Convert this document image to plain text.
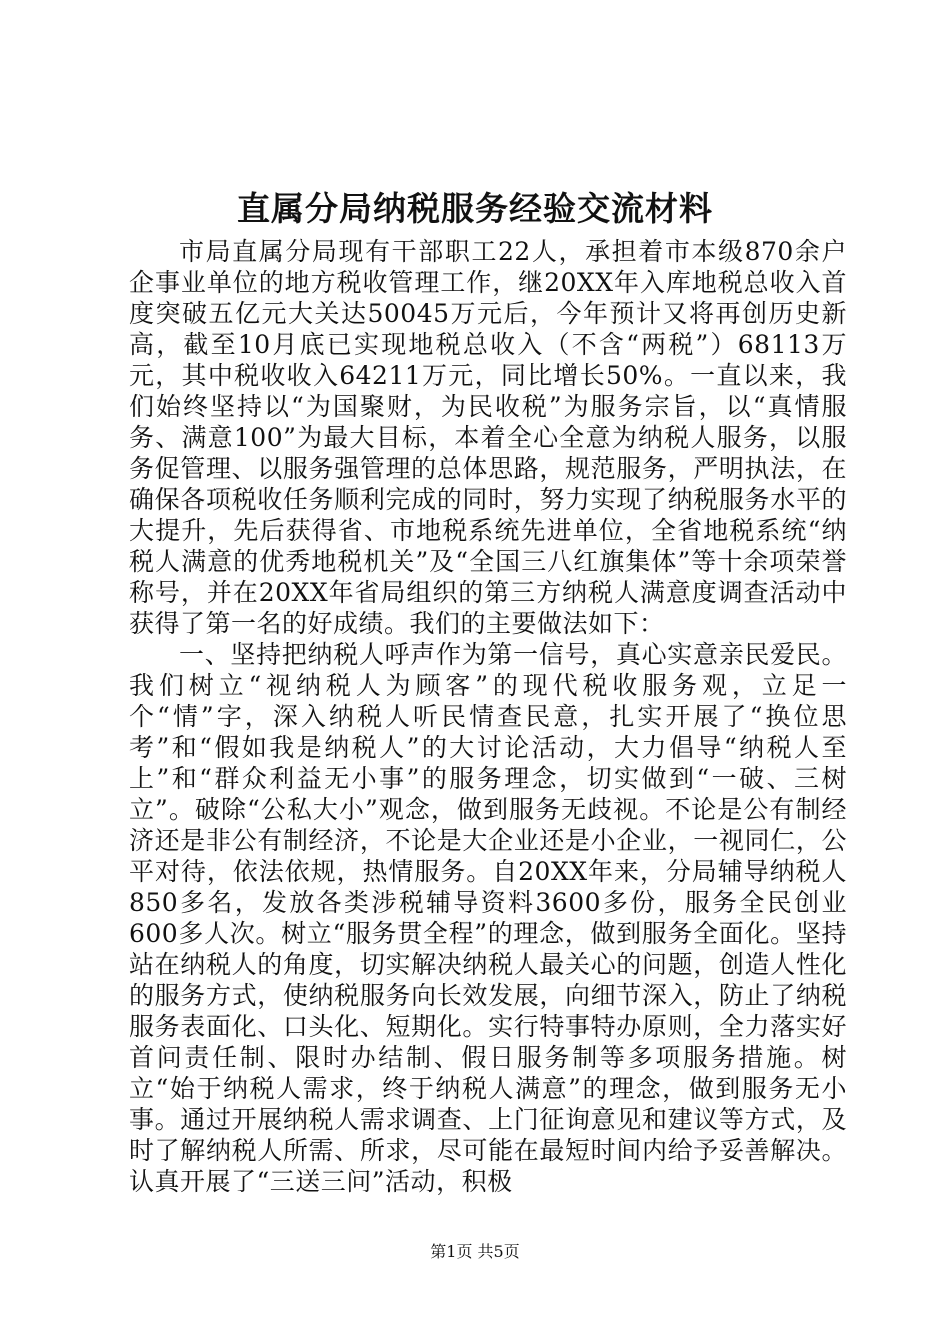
直属分局纳税服务经验交流材料

市局直属分局现有干部职工22人，承担着市本级870余户企事业单位的地方税收管理工作，继20XX年入库地税总收入首度突破五亿元大关达50045万元后，今年预计又将再创历史新高，截至10月底已实现地税总收入（不含“两税”）68113万元，其中税收收入64211万元，同比增长50%。一直以来，我们始终坚持以“为国聚财，为民收税”为服务宗旨，以“真情服务、满意100”为最大目标，本着全心全意为纳税人服务，以服务促管理、以服务强管理的总体思路，规范服务，严明执法，在确保各项税收任务顺利完成的同时，努力实现了纳税服务水平的大提升，先后获得省、市地税系统先进单位，全省地税系统“纳税人满意的优秀地税机关”及“全国三八红旗集体”等十余项荣誉称号，并在20XX年省局组织的第三方纳税人满意度调查活动中获得了第一名的好成绩。我们的主要做法如下：

一、坚持把纳税人呼声作为第一信号，真心实意亲民爱民。我们树立“视纳税人为顾客”的现代税收服务观，立足一个“情”字，深入纳税人听民情查民意，扎实开展了“换位思考”和“假如我是纳税人”的大讨论活动，大力倡导“纳税人至上”和“群众利益无小事”的服务理念，切实做到“一破、三树立”。破除“公私大小”观念，做到服务无歧视。不论是公有制经济还是非公有制经济，不论是大企业还是小企业，一视同仁，公平对待，依法依规，热情服务。自20XX年来，分局辅导纳税人850多名，发放各类涉税辅导资料3600多份，服务全民创业600多人次。树立“服务贯全程”的理念，做到服务全面化。坚持站在纳税人的角度，切实解决纳税人最关心的问题，创造人性化的服务方式，使纳税服务向长效发展，向细节深入，防止了纳税服务表面化、口头化、短期化。实行特事特办原则，全力落实好首问责任制、限时办结制、假日服务制等多项服务措施。树立“始于纳税人需求，终于纳税人满意”的理念，做到服务无小事。通过开展纳税人需求调查、上门征询意见和建议等方式，及时了解纳税人所需、所求，尽可能在最短时间内给予妥善解决。认真开展了“三送三问”活动，积极

第1页 共5页
